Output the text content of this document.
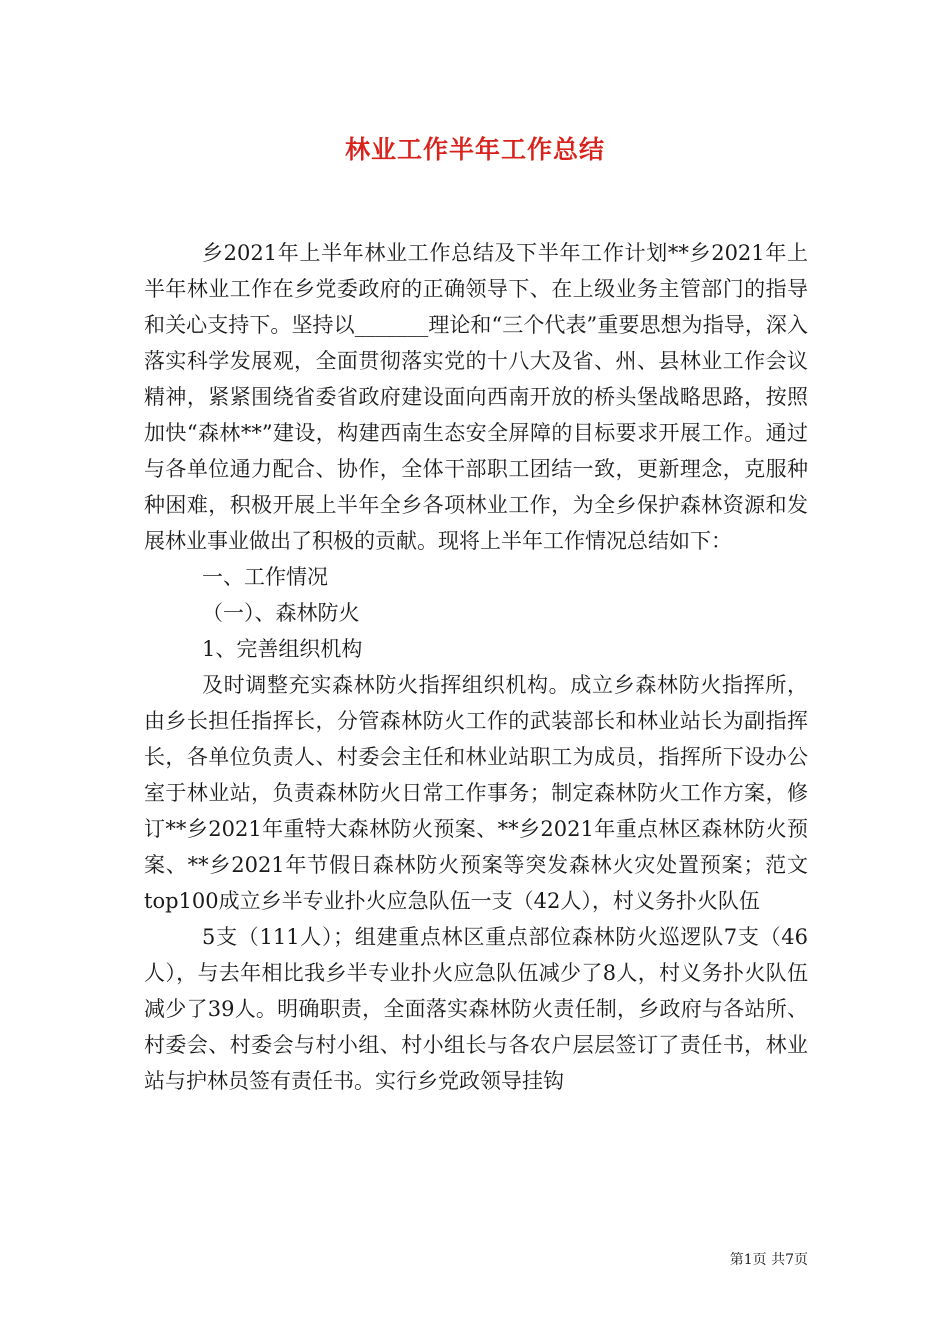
林业工作半年工作总结

乡2021年上半年林业工作总结及下半年工作计划**乡2021年上半年林业工作在乡党委政府的正确领导下、在上级业务主管部门的指导和关心支持下。坚持以_______理论和“三个代表”重要思想为指导，深入落实科学发展观，全面贯彻落实党的十八大及省、州、县林业工作会议精神，紧紧围绕省委省政府建设面向西南开放的桥头堡战略思路，按照加快“森林**”建设，构建西南生态安全屏障的目标要求开展工作。通过与各单位通力配合、协作，全体干部职工团结一致，更新理念，克服种种困难，积极开展上半年全乡各项林业工作，为全乡保护森林资源和发展林业事业做出了积极的贡献。现将上半年工作情况总结如下：

一、工作情况

（一）、森林防火

1、完善组织机构

及时调整充实森林防火指挥组织机构。成立乡森林防火指挥所，由乡长担任指挥长，分管森林防火工作的武装部长和林业站长为副指挥长，各单位负责人、村委会主任和林业站职工为成员，指挥所下设办公室于林业站，负责森林防火日常工作事务；制定森林防火工作方案，修订**乡2021年重特大森林防火预案、**乡2021年重点林区森林防火预案、**乡2021年节假日森林防火预案等突发森林火灾处置预案；范文top100成立乡半专业扑火应急队伍一支（42人），村义务扑火队伍

5支（111人）；组建重点林区重点部位森林防火巡逻队7支（46人），与去年相比我乡半专业扑火应急队伍减少了8人，村义务扑火队伍减少了39人。明确职责，全面落实森林防火责任制，乡政府与各站所、村委会、村委会与村小组、村小组长与各农户层层签订了责任书，林业站与护林员签有责任书。实行乡党政领导挂钩

第1页 共7页
